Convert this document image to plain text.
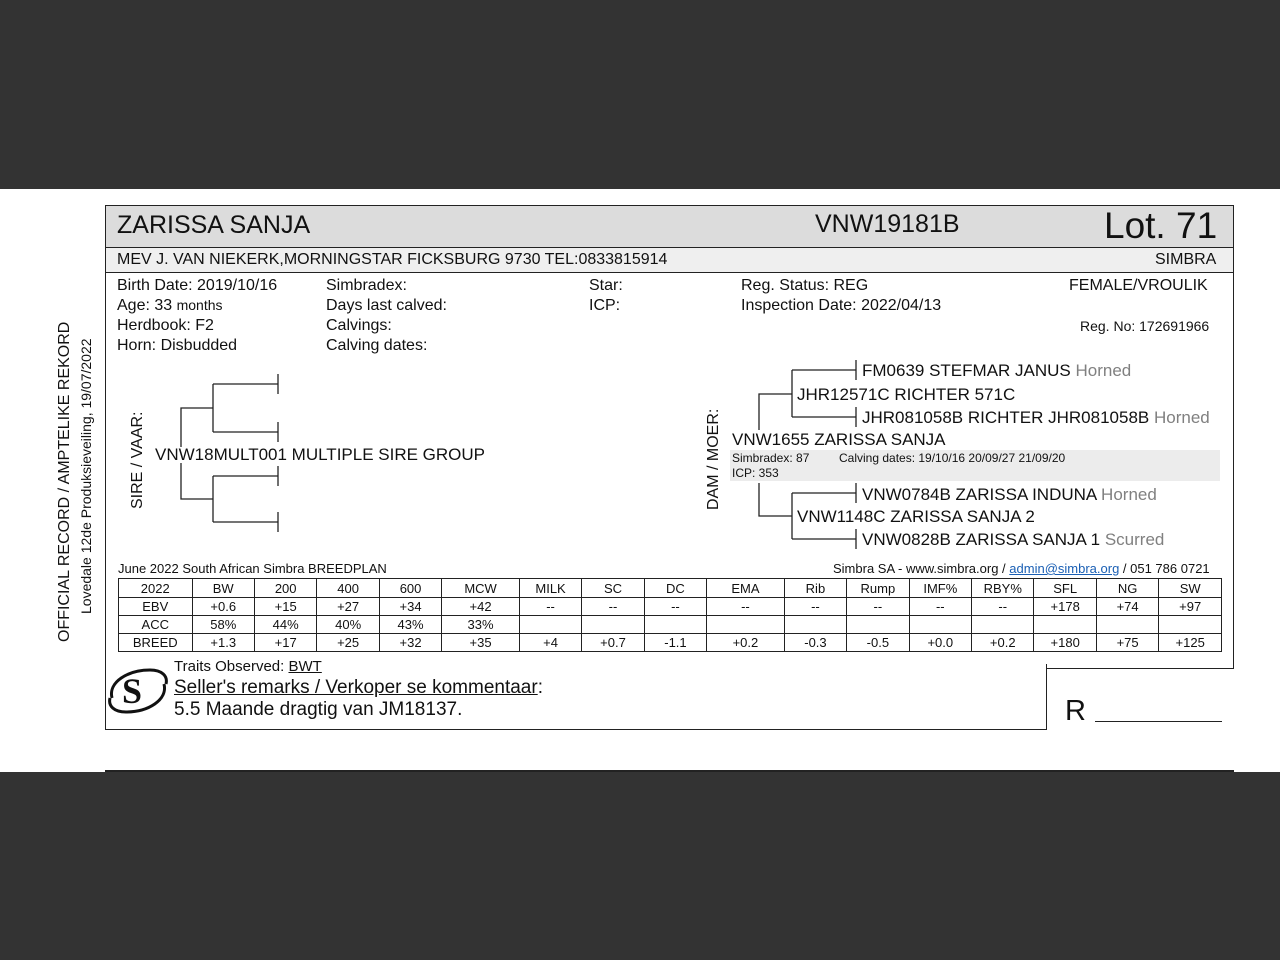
OFFICIAL RECORD / AMPTELIKE REKORD Lovedale 12de Produksieveiling, 19/07/2022
ZARISSA SANJA	VNW19181B	Lot. 71
MEV J. VAN NIEKERK,MORNINGSTAR FICKSBURG 9730 TEL:0833815914	SIMBRA
Birth Date: 2019/10/16
Age: 33 months
Herdbook: F2
Horn: Disbudded
Simbradex:
Days last calved:
Calvings:
Calving dates:
Star:
ICP:
Reg. Status: REG
Inspection Date: 2022/04/13
FEMALE/VROULIK
Reg. No: 172691966
SIRE / VAAR: VNW18MULT001 MULTIPLE SIRE GROUP	DAM / MOER: VNW1655 ZARISSA SANJA
Simbradex: 87 Calving dates: 19/10/16 20/09/27 21/09/20
ICP: 353
JHR12571C RICHTER 571C
FM0639 STEFMAR JANUS Horned
JHR081058B RICHTER JHR081058B Horned
VNW1148C ZARISSA SANJA 2
VNW0784B ZARISSA INDUNA Horned
VNW0828B ZARISSA SANJA 1 Scurred
June 2022 South African Simbra BREEDPLAN	Simbra SA - www.simbra.org / admin@simbra.org / 051 786 0721
2022	BW	200	400	600	MCW	MILK	SC	DC	EMA	Rib	Rump	IMF%	RBY%	SFL	NG	SW
EBV	+0.6	+15	+27	+34	+42	--	--	--	--	--	--	--	--	+178	+74	+97
ACC	58%	44%	40%	43%	33%											
BREED	+1.3	+17	+25	+32	+35	+4	+0.7	-1.1	+0.2	-0.3	-0.5	+0.0	+0.2	+180	+75	+125
S
Traits Observed: BWT
Seller's remarks / Verkoper se kommentaar:
5.5 Maande dragtig van JM18137.	R
